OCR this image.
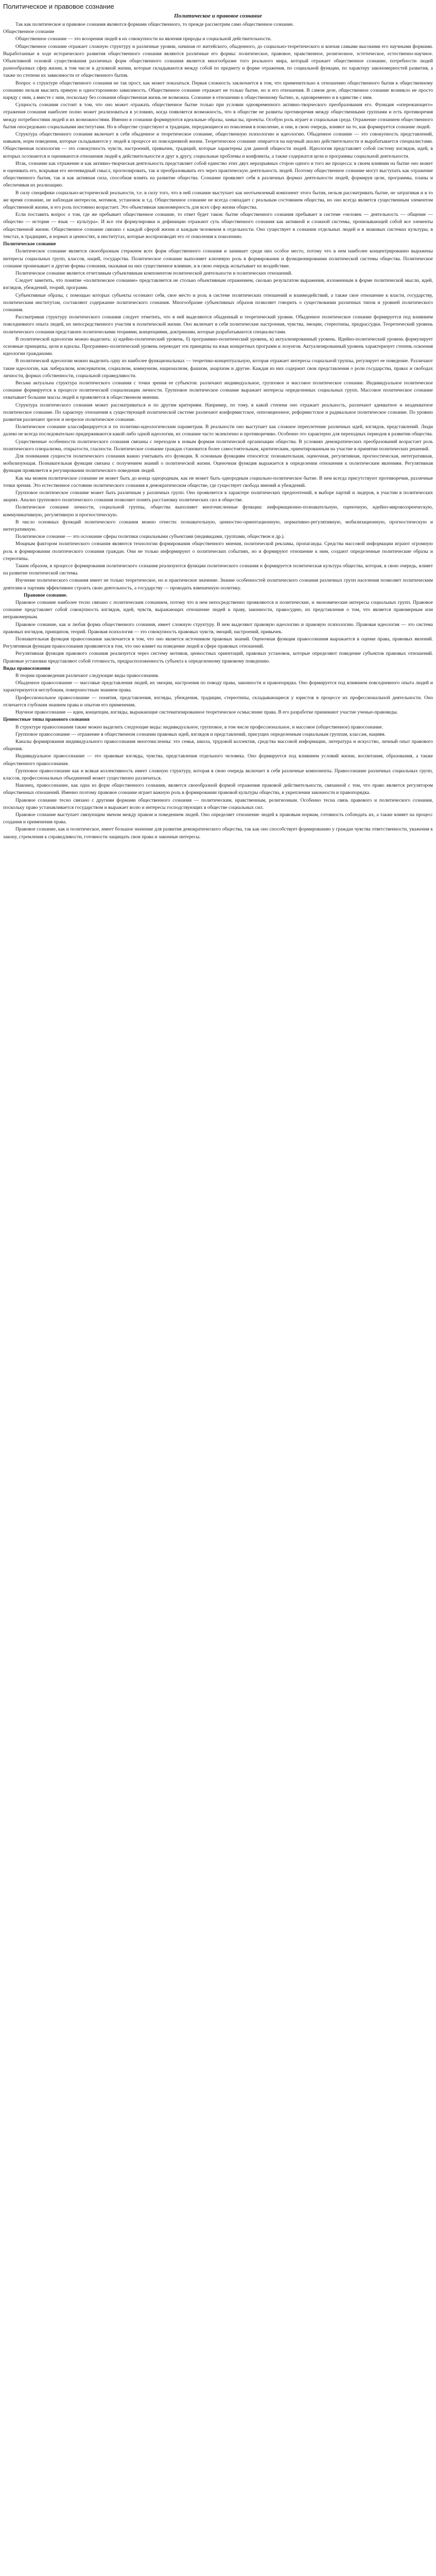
Политическое и правовое сознание
Политическое и правовое сознание

Так как политическое и правовое сознания являются формами общественного, то прежде рассмотрим само общественное сознание.

Общественное сознание

Общественное сознание — это воззрения людей в их совокупности на явления природы и социальной действительности.

Общественное сознание отражает сложную структуру и различные уровни, начиная от житейского, обыденного, до социально-теоретического и кончая самыми высокими его научными формами. Выработанные в ходе исторического развития общественного сознания являются различные его формы: политическое, правовое, нравственное, религиозное, эстетическое, естественно-научное. Объективной основой существования различных форм общественного сознания является многообразие того реального мира, который отражает общественное сознание, потребности людей разнообразных сфер жизни, в том числе в духовной жизни, которые складываются между собой по предмету и форме отражения, по социальной функции, по характеру закономерностей развития, а также по степени их зависимости от общественного бытия.

Вопрос о структуре общественного сознания не так прост, как может показаться. Первая сложность заключается в том, что применительно к отношению общественного бытия к общественному сознанию нельзя мыслить прямую и одностороннюю зависимость. Общественное сознание отражает не только бытие, но и его отношения. В самом деле, общественное сознание возникло не просто наряду с ним, а вместе с ним, поскольку без сознания общественная жизнь не возможна. Сознание в отношении к общественному бытию, и, одновременно и в единстве с ним.

Сущность сознания состоит в том, что оно может отражать общественное бытие только при условии одновременного активно-творческого преобразования его. Функция «опережающего» отражения сознания наиболее полно может реализоваться в условиях, когда появляется возможность, что в обществе не развиты противоречия между общественными группами и есть противоречия между потребностями людей и их возможностями. Именно в сознании формируются идеальные образы, замыслы, проекты. Особую роль играет и социальная среда. Отражение сознанием общественного бытия опосредовано социальными институтами. Но в обществе существуют и традиции, передающиеся из поколения в поколение, и они, в свою очередь, влияют на то, как формируется сознание людей.

Структура общественного сознания включает в себя обыденное и теоретическое сознание, общественную психологию и идеологию. Обыденное сознание — это совокупность представлений, навыков, норм поведения, которые складываются у людей в процессе их повседневной жизни. Теоретическое сознание опирается на научный анализ действительности и вырабатывается специалистами. Общественная психология — это совокупность чувств, настроений, привычек, традиций, которые характерны для данной общности людей. Идеология представляет собой систему взглядов, идей, в которых осознаются и оцениваются отношения людей к действительности и друг к другу, социальные проблемы и конфликты, а также содержатся цели и программы социальной деятельности.

Итак, сознание как отражение и как активно-творческая деятельность представляет собой единство этих двух неразрывных сторон одного и того же процесса: в своем влиянии на бытие оно может и оценивать его, вскрывая его неочевидный смысл, прогнозировать, так и преобразовывать его через практическую деятельность людей. Поэтому общественное сознание могут выступать как отражение общественного бытия, так и как активная сила, способная влиять на развитие общества. Сознание проявляет себя в различных формах деятельности людей, формируя цели, программы, планы и обеспечивая их реализацию.

В силу специфики социально-исторической реальности, т.е. в силу того, что в ней сознание выступает как неотъемлемый компонент этого бытия, нельзя рассматривать бытие, не затрагивая и в то же время сознание, не наблюдая интересов, мотивов, установок и т.д. Общественное сознание не всегда совпадает с реальным состоянием общества, но оно всегда является существенным элементом общественной жизни, и его роль постоянно возрастает. Это объективная закономерность для всех сфер жизни общества.

Если поставить вопрос о том, где же пребывает общественное сознание, то ответ будет таков: бытие общественного сознания пребывает в системе «человек — деятельность — общение — общество — история — язык — культура». И все эти формулировки и дефиниции отражают суть общественного сознания как активной и сложной системы, пронизывающей собой все элементы общественной жизни. Общественное сознание связано с каждой сферой жизни и каждым человеком в отдельности. Оно существует в сознании отдельных людей и в знаковых системах культуры, в текстах, в традициях, в нормах и ценностях, в институтах, которые воспроизводят его от поколения к поколению.

Политическое сознание

Политическое сознание является своеобразным стержнем всех форм общественного сознания и занимает среди них особое место, потому что в нем наиболее концентрированно выражены интересы социальных групп, классов, наций, государства. Политическое сознание выполняет ключевую роль в формировании и функционировании политической системы общества. Политическое сознание пронизывает и другие формы сознания, оказывая на них существенное влияние, и в свою очередь испытывает их воздействие.

Политическое сознание является отчетливым субъективным компонентом политической деятельности и политических отношений.

Следует заметить, что понятие «политическое сознание» представляется не столько объективным отражением, сколько результатом выражения, изложенным в форме политической мысли, идей, взглядов, убеждений, теорий, программ.

Субъективные образы, с помощью которых субъекты осознают себя, свое место и роль в системе политических отношений и взаимодействий, а также свое отношение к власти, государству, политическим институтам, составляют содержание политического сознания. Многообразие субъективных образов позволяет говорить о существовании различных типов и уровней политического сознания.

Рассматривая структуру политического сознания следует отметить, что в ней выделяются обыденный и теоретический уровни. Обыденное политическое сознание формируется под влиянием повседневного опыта людей, их непосредственного участия в политической жизни. Оно включает в себя политические настроения, чувства, эмоции, стереотипы, предрассудки. Теоретический уровень политического сознания представлен политическими теориями, концепциями, доктринами, которые разрабатываются специалистами.

В политической идеологии можно выделить: а) идейно-политический уровень, б) программно-политический уровень, в) актуализированный уровень. Идейно-политический уровень формулирует основные принципы, цели и идеалы. Программно-политический уровень переводит эти принципы на язык конкретных программ и лозунгов. Актуализированный уровень характеризует степень освоения идеологии гражданами.

В политической идеологии можно выделить одну из наиболее функциональных — теоретико-концептуальную, которая отражает интересы социальной группы, регулирует ее поведение. Различают такие идеологии, как либерализм, консерватизм, социализм, коммунизм, национализм, фашизм, анархизм и другие. Каждая из них содержит свои представления о роли государства, правах и свободах личности, формах собственности, социальной справедливости.

Весьма актуальна структура политического сознания с точки зрения ее субъектов: различают индивидуальное, групповое и массовое политическое сознание. Индивидуальное политическое сознание формируется в процессе политической социализации личности. Групповое политическое сознание выражает интересы определенных социальных групп. Массовое политическое сознание охватывает большие массы людей и проявляется в общественном мнении.

Структура политического сознания может рассматриваться и по другим критериям. Например, по тому, в какой степени оно отражает реальность, различают адекватное и неадекватное политическое сознание. По характеру отношения к существующей политической системе различают конформистское, оппозиционное, реформистское и радикальное политическое сознание. По уровню развития различают зрелое и незрелое политическое сознание.

Политическое сознание классифицируется и по политико-идеологическим параметрам. В реальности оно выступает как сложное переплетение различных идей, взглядов, представлений. Люди далеко не всегда последовательно придерживаются какой-либо одной идеологии, их сознание часто эклектично и противоречиво. Особенно это характерно для переходных периодов в развитии общества.

Существенные особенности политического сознания связаны с переходом к новым формам политической организации общества. В условиях демократических преобразований возрастает роль политического плюрализма, открытости, гласности. Политическое сознание граждан становится более самостоятельным, критическим, ориентированным на участие в принятии политических решений.

Для понимания сущности политического сознания важно учитывать его функции. К основным функциям относятся: познавательная, оценочная, регулятивная, прогностическая, интегративная, мобилизующая. Познавательная функция связана с получением знаний о политической жизни. Оценочная функция выражается в определении отношения к политическим явлениям. Регулятивная функция проявляется в регулировании политического поведения людей.

Как мы можем политическое сознание не может быть до конца однородным, как не может быть однородным социально-политическое бытие. В нем всегда присутствуют противоречия, различные точки зрения. Это естественное состояние политического сознания в демократическом обществе, где существует свобода мнений и убеждений.

Групповое политическое сознание может быть различным у различных групп. Оно проявляется в характере политических предпочтений, в выборе партий и лидеров, в участии в политических акциях. Анализ группового политического сознания позволяет понять расстановку политических сил в обществе.

Политическое сознание личности, социальной группы, общества выполняет многочисленные функции: информационно-познавательную, оценочную, идейно-мировоззренческую, коммуникативную, регулятивную и прогностическую.

В число основных функций политического сознания можно отнести: познавательную, ценностно-ориентационную, нормативно-регулятивную, мобилизационную, прогностическую и интегративную.

Политическое сознание — это осознание сферы политики социальными субъектами (индивидами, группами, обществом и др.).

Мощным фактором политического сознания являются технологии формирования общественного мнения, политической рекламы, пропаганды. Средства массовой информации играют огромную роль в формировании политического сознания граждан. Они не только информируют о политических событиях, но и формируют отношение к ним, создают определенные политические образы и стереотипы.

Таким образом, в процессе формирования политического сознания реализуются функции политического сознания и формируется политическая культура общества, которая, в свою очередь, влияет на развитие политической системы.

Изучение политического сознания имеет не только теоретическое, но и практическое значение. Знание особенностей политического сознания различных групп населения позволяет политическим деятелям и партиям эффективнее строить свою деятельность, а государству — проводить взвешенную политику.

Правовое сознание.

Правовое сознание наиболее тесно связано с политическим сознанием, потому что в нем непосредственно проявляются и политические, и экономические интересы социальных групп. Правовое сознание представляет собой совокупность взглядов, идей, чувств, выражающих отношение людей к праву, законности, правосудию, их представления о том, что является правомерным или неправомерным.

Правовое сознание, как и любая форма общественного сознания, имеет сложную структуру. В нем выделяют правовую идеологию и правовую психологию. Правовая идеология — это система правовых взглядов, принципов, теорий. Правовая психология — это совокупность правовых чувств, эмоций, настроений, привычек.

Познавательная функция правосознания заключается в том, что оно является источником правовых знаний. Оценочная функция правосознания выражается в оценке права, правовых явлений. Регулятивная функция правосознания проявляется в том, что оно влияет на поведение людей в сфере правовых отношений.

Регулятивная функция правового сознания реализуется через систему мотивов, ценностных ориентаций, правовых установок, которые определяют поведение субъектов правовых отношений. Правовые установки представляют собой готовность, предрасположенность субъекта к определенному правовому поведению.

Виды правосознания

В теории правоведения различают следующие виды правосознания.

Обыденное правосознание — массовые представления людей, их эмоции, настроения по поводу права, законности и правопорядка. Оно формируется под влиянием повседневного опыта людей и характеризуется неглубоким, поверхностным знанием права.

Профессиональное правосознание — понятия, представления, взгляды, убеждения, традиции, стереотипы, складывающиеся у юристов в процессе их профессиональной деятельности. Оно отличается глубоким знанием права и опытом его применения.

Научное правосознание — идеи, концепции, взгляды, выражающие систематизированное теоретическое осмысление права. В его разработке принимают участие ученые-правоведы.

Ценностные типы правового сознания

В структуре правосознания также можно выделить следующие виды: индивидуальное, групповое, в том числе профессиональное, и массовое (общественное) правосознание.

Групповое правосознание — отражение в общественном сознании правовых идей, взглядов и представлений, присущих определенным социальным группам, классам, нациям.

Каналы формирования индивидуального правосознания многочисленны: это семья, школа, трудовой коллектив, средства массовой информации, литература и искусство, личный опыт правового общения.

Индивидуальное правосознание — это правовые взгляды, чувства, представления отдельного человека. Оно формируется под влиянием условий жизни, воспитания, образования, а также общественного правосознания.

Групповое правосознание как и всякая коллективность имеет сложную структуру, которая в свою очередь включает в себя различные компоненты. Правосознание различных социальных групп, классов, профессиональных объединений может существенно различаться.

Наконец, правосознание, как одна из форм общественного сознания, является своеобразной формой отражения правовой действительности, связанной с тем, что право является регулятором общественных отношений. Именно поэтому правовое сознание играет важную роль в формировании правовой культуры общества, в укреплении законности и правопорядка.

Правовое сознание тесно связано с другими формами общественного сознания — политическим, нравственным, религиозным. Особенно тесна связь правового и политического сознания, поскольку право устанавливается государством и выражает волю и интересы господствующих в обществе социальных сил.

Правовое сознание выступает связующим звеном между правом и поведением людей. Оно определяет отношение людей к правовым нормам, готовность соблюдать их, а также влияет на процесс создания и применения права.

Правовое сознание, как и политическое, имеет большое значение для развития демократического общества, так как оно способствует формированию у граждан чувства ответственности, уважения к закону, стремления к справедливости, готовности защищать свои права и законные интересы.
